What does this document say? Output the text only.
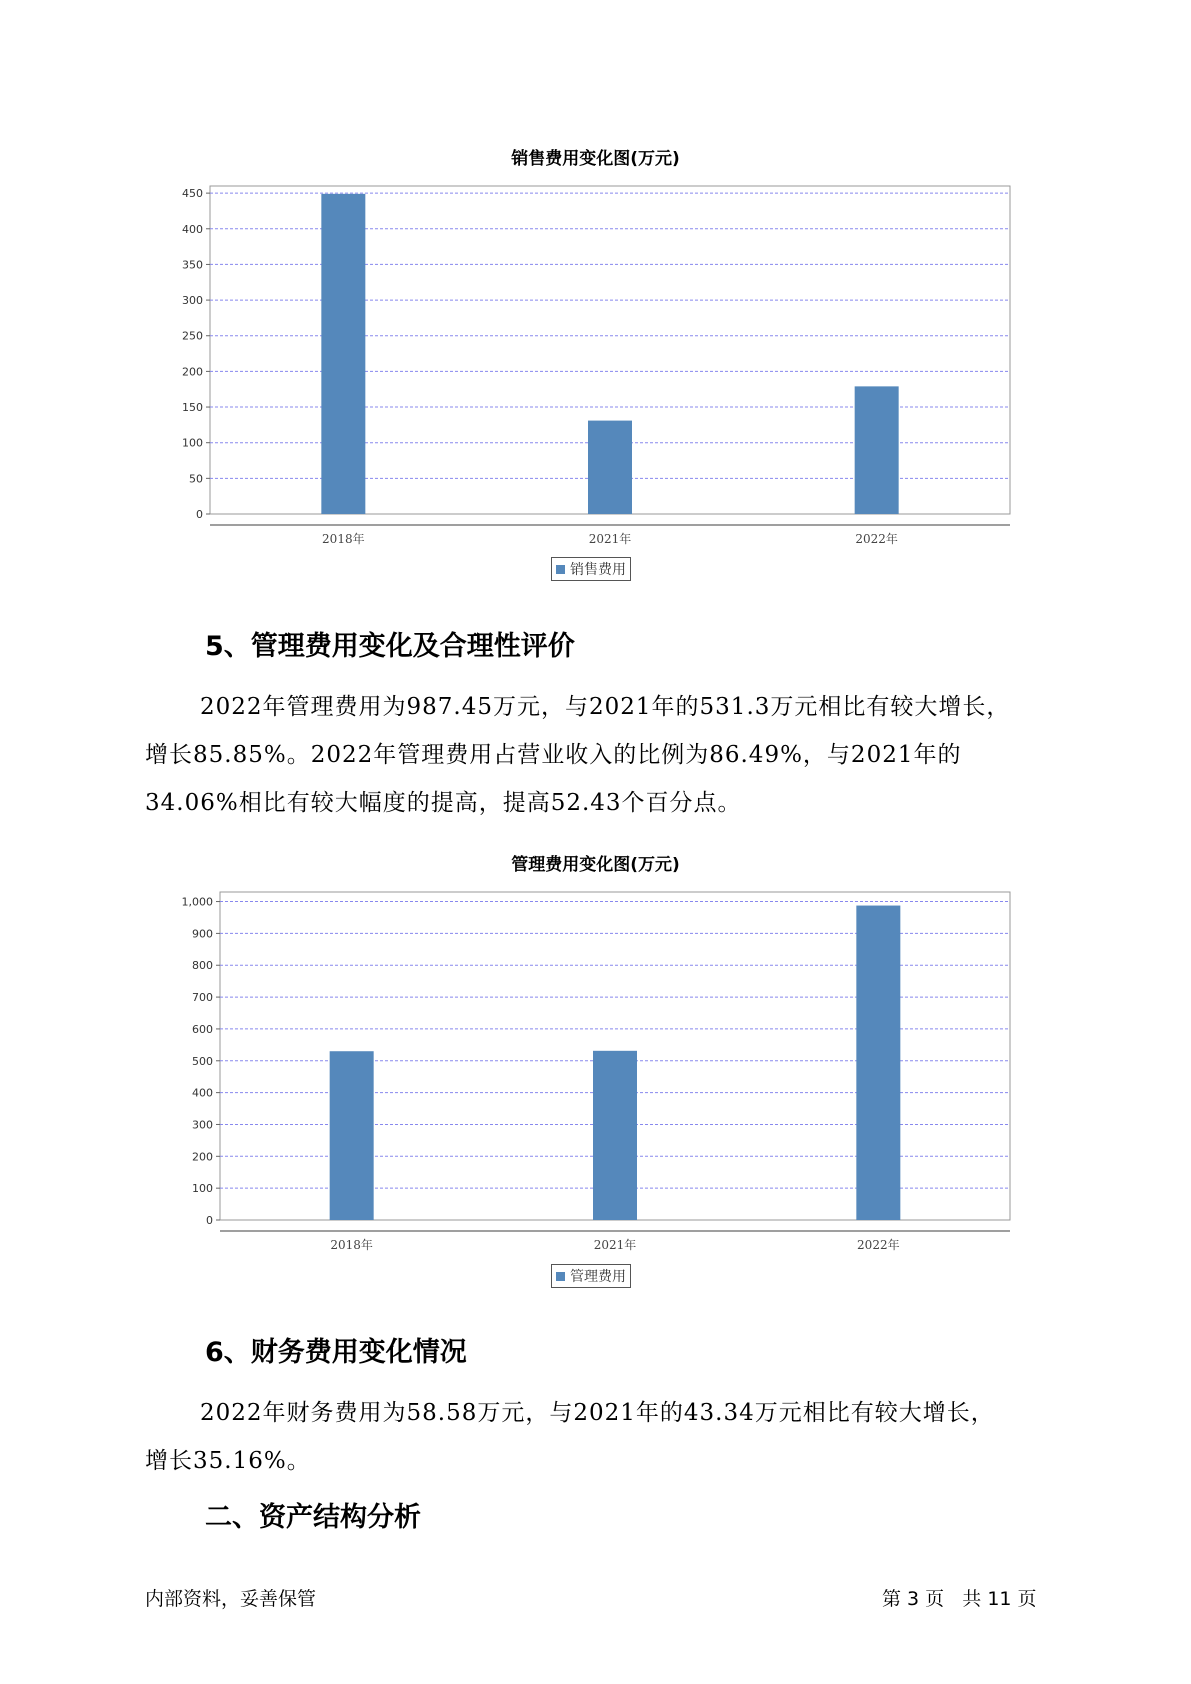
销售费用变化图(万元)
0
50
100
150
200
250
300
350
400
450
2018年	2021年	2022年
销售费用
5、管理费用变化及合理性评价

2022年管理费用为987.45万元，与2021年的531.3万元相比有较大增长，

增长85.85%。2022年管理费用占营业收入的比例为86.49%，与2021年的

34.06%相比有较大幅度的提高，提高52.43个百分点。

管理费用变化图(万元)
0
100
200
300
400
500
600
700
800
900
1,000
2018年	2021年	2022年
管理费用
6、财务费用变化情况

2022年财务费用为58.58万元，与2021年的43.34万元相比有较大增长，

增长35.16%。

二、资产结构分析
内部资料，妥善保管	第 3 页   共 11 页
